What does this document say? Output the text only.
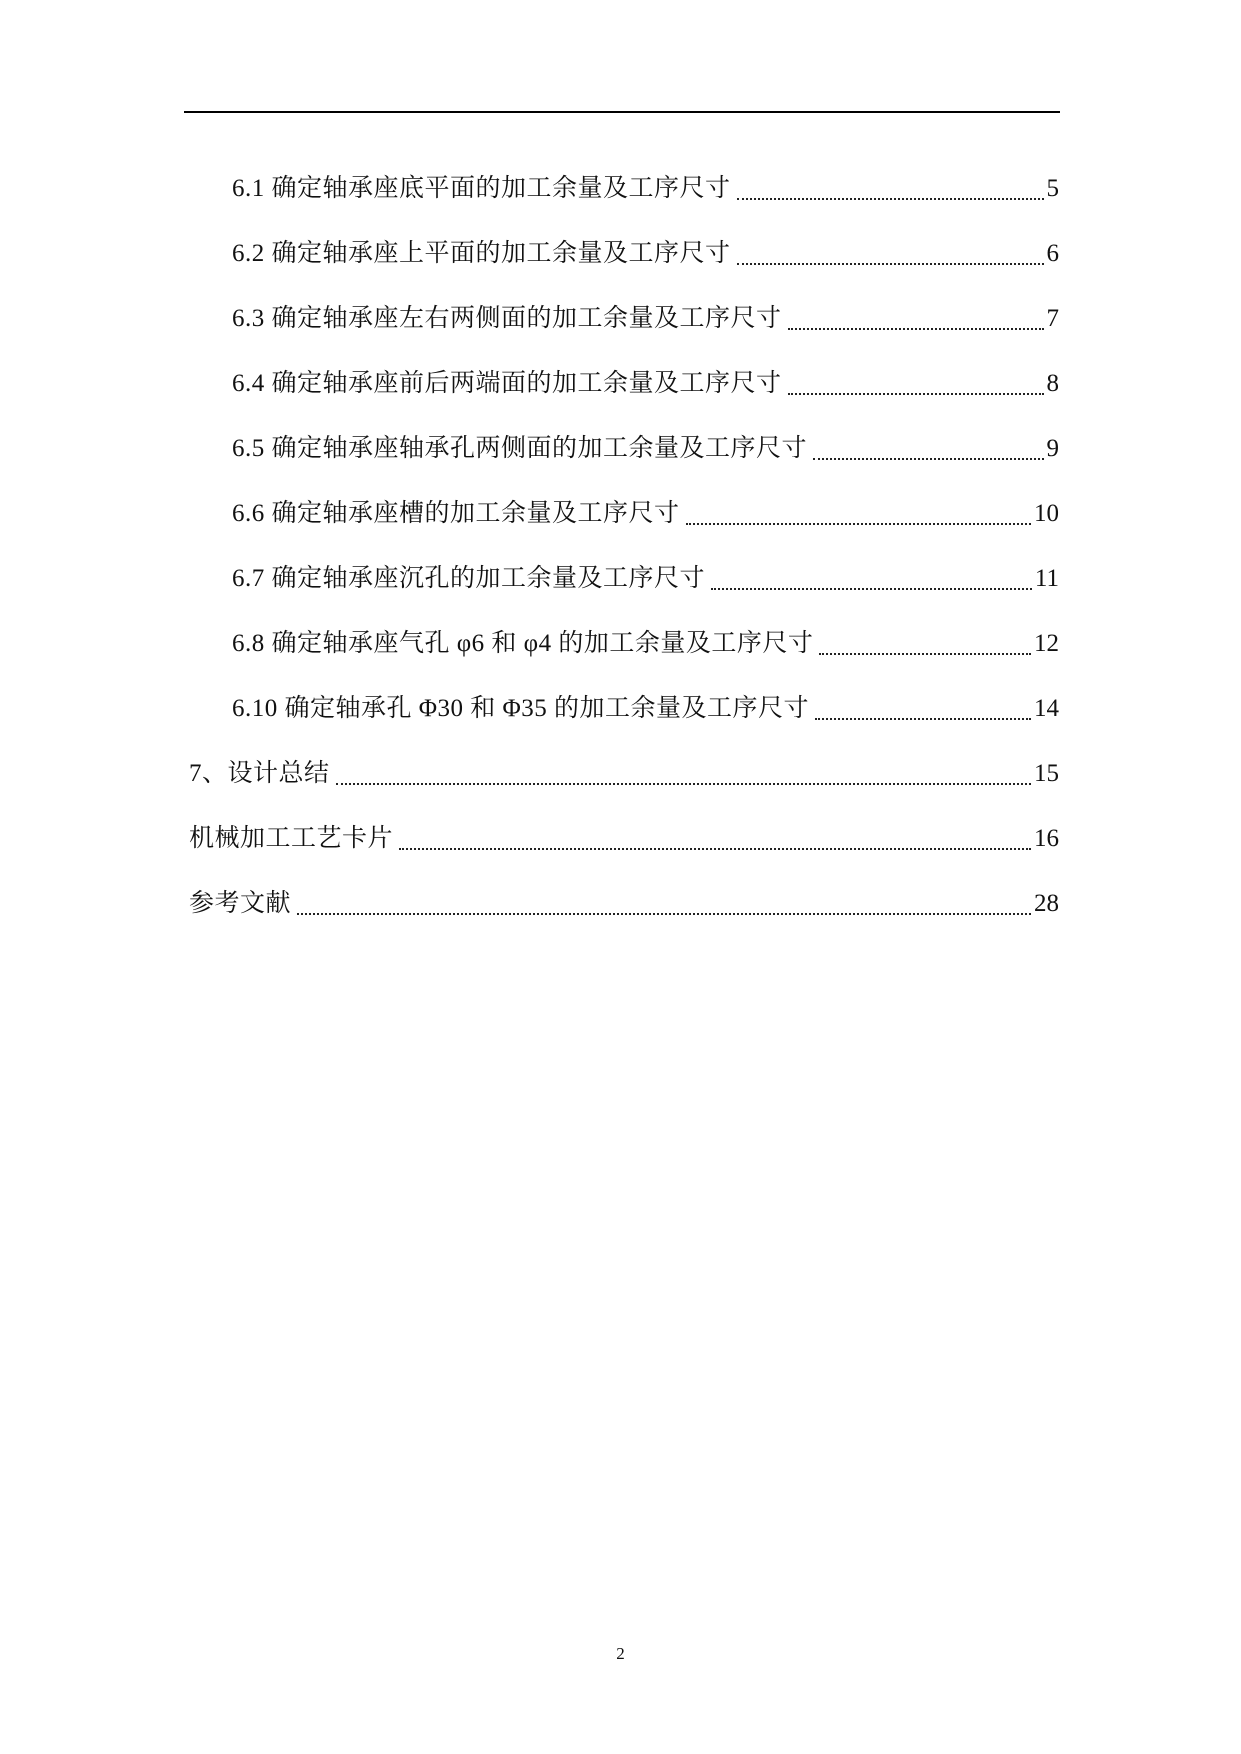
6.1 确定轴承座底平面的加工余量及工序尺寸	5
6.2 确定轴承座上平面的加工余量及工序尺寸	6
6.3 确定轴承座左右两侧面的加工余量及工序尺寸	7
6.4 确定轴承座前后两端面的加工余量及工序尺寸	8
6.5 确定轴承座轴承孔两侧面的加工余量及工序尺寸	9
6.6 确定轴承座槽的加工余量及工序尺寸	10
6.7 确定轴承座沉孔的加工余量及工序尺寸	11
6.8 确定轴承座气孔 φ6 和 φ4 的加工余量及工序尺寸	12
6.10 确定轴承孔 Φ30 和 Φ35 的加工余量及工序尺寸	14
7、设计总结	15
机械加工工艺卡片	16
参考文献	28
2
